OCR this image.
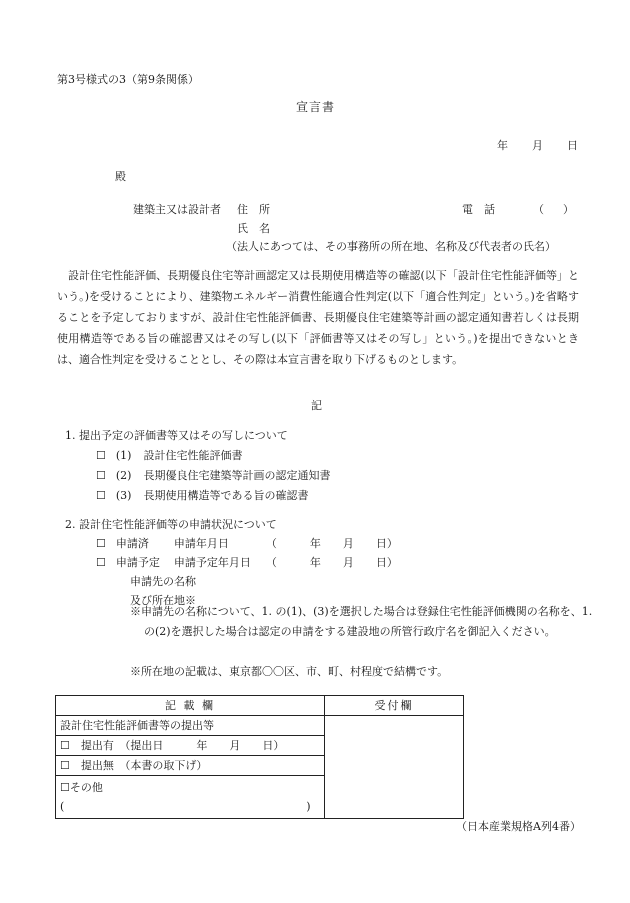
第3号様式の3（第9条関係）
宣言書
年 月 日
殿
建築主又は設計者 住　所	電　話	（ ）
氏　名
（法人にあつては、その事務所の所在地、名称及び代表者の氏名）
設計住宅性能評価、長期優良住宅等計画認定又は長期使用構造等の確認(以下「設計住宅性能評価等」という。)を受けることにより、建築物エネルギー消費性能適合性判定(以下「適合性判定」という。)を省略することを予定しておりますが、設計住宅性能評価書、長期優良住宅建築等計画の認定通知書若しくは長期使用構造等である旨の確認書又はその写し(以下「評価書等又はその写し」という。)を提出できないときは、適合性判定を受けることとし、その際は本宣言書を取り下げるものとします。
記
1. 提出予定の評価書等又はその写しについて
☐ (1) 設計住宅性能評価書
☐ (2) 長期優良住宅建築等計画の認定通知書
☐ (3) 長期使用構造等である旨の確認書
2. 設計住宅性能評価等の申請状況について
☐ 申請済 申請年月日	（　　　年　　月　　日）
☐ 申請予定 申請予定年月日 （　　　年　　月　　日）
申請先の名称
及び所在地※
※申請先の名称について、1. の(1)、(3)を選択した場合は登録住宅性能評価機関の名称を、1. の(2)を選択した場合は認定の申請をする建設地の所管行政庁名を御記入ください。
※所在地の記載は、東京都〇〇区、市、町、村程度で結構です。
記 載 欄	受付欄
設計住宅性能評価書等の提出等	
☐　提出有　（提出日　　　年　　月　　日）	
☐　提出無　（本書の取下げ）	

☐その他
(　　　　　　　　　　　　　　　　　　　　　　)	
（日本産業規格A列4番）
